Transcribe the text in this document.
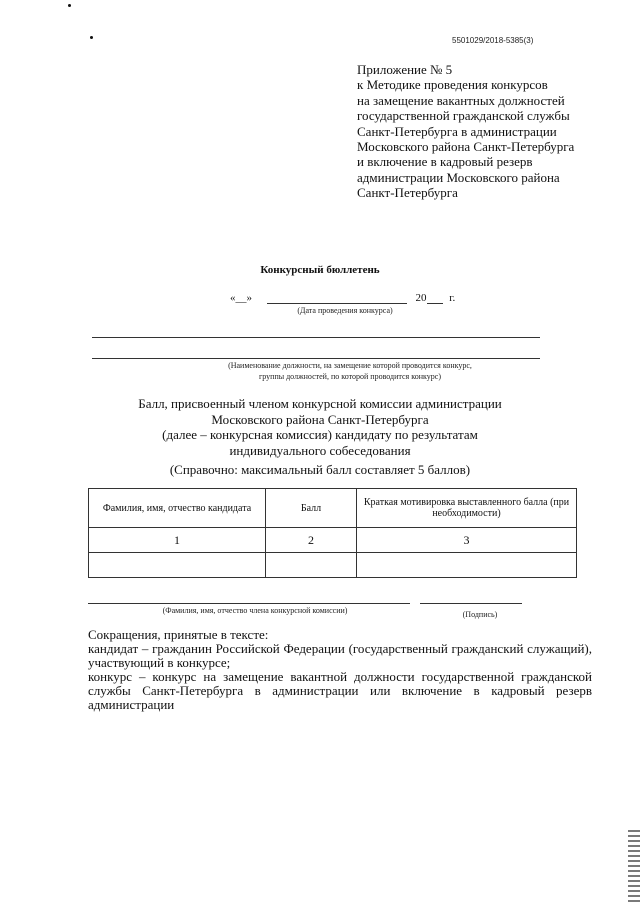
5501029/2018-5385(3)
Приложение № 5
к Методике проведения конкурсов
на замещение вакантных должностей
государственной гражданской службы
Санкт-Петербурга в администрации
Московского района Санкт-Петербурга
и включение в кадровый резерв
администрации Московского района
Санкт-Петербурга
Конкурсный бюллетень
«__»	20 г.
(Дата проведения конкурса)
(Наименование должности, на замещение которой проводится конкурс,
группы должностей, по которой проводится конкурс)
Балл, присвоенный членом конкурсной комиссии администрации
Московского района Санкт-Петербурга
(далее – конкурсная комиссия) кандидату по результатам
индивидуального собеседования
(Справочно: максимальный балл составляет 5 баллов)
Фамилия, имя, отчество кандидата	Балл	Краткая мотивировка выставленного балла (при необходимости)
1	2	3

(Фамилия, имя, отчество члена конкурсной комиссии)	(Подпись)

Сокращения, принятые в тексте:

кандидат – гражданин Российской Федерации (государственный гражданский служащий), участвующий в конкурсе;

конкурс – конкурс на замещение вакантной должности государственной гражданской службы Санкт-Петербурга в администрации или включение в кадровый резерв администрации
